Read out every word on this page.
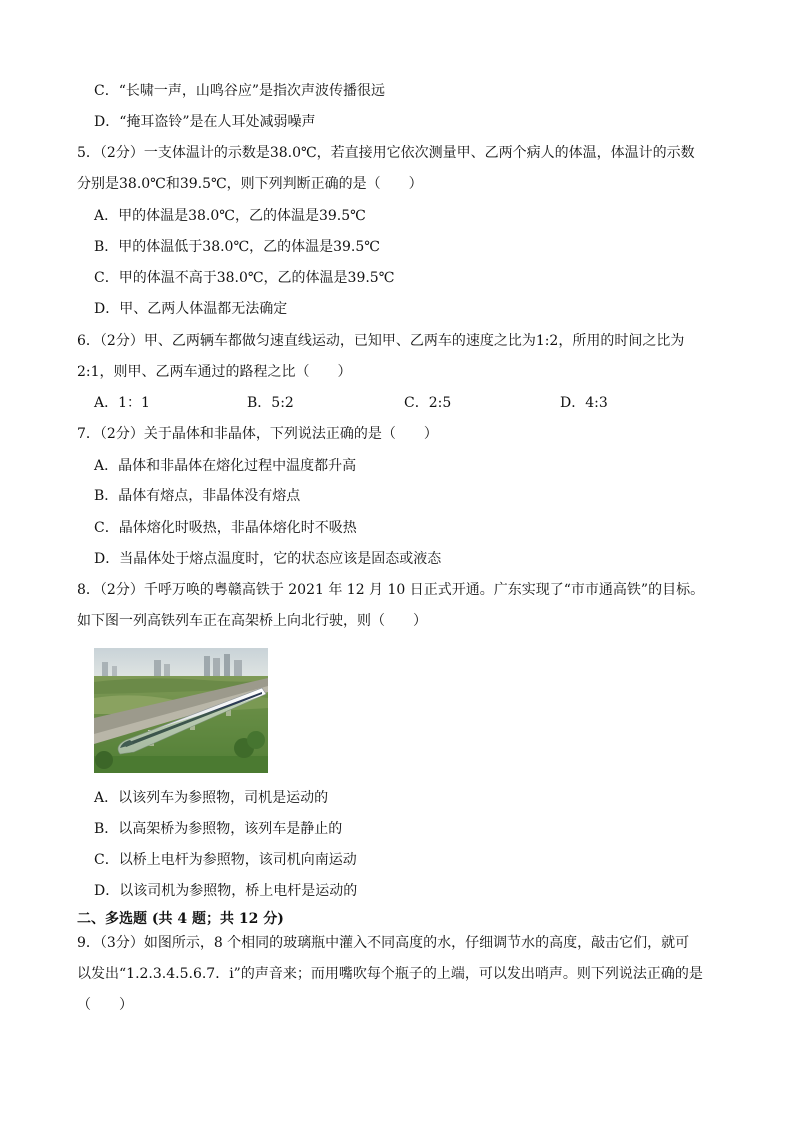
C．“长啸一声，山鸣谷应”是指次声波传播很远
D．“掩耳盗铃”是在人耳处减弱噪声
5．（2分）一支体温计的示数是38.0℃，若直接用它依次测量甲、乙两个病人的体温，体温计的示数
分别是38.0℃和39.5℃，则下列判断正确的是（　　）
A．甲的体温是38.0℃，乙的体温是39.5℃
B．甲的体温低于38.0℃，乙的体温是39.5℃
C．甲的体温不高于38.0℃，乙的体温是39.5℃
D．甲、乙两人体温都无法确定
6．（2分）甲、乙两辆车都做匀速直线运动，已知甲、乙两车的速度之比为1:2，所用的时间之比为
2:1，则甲、乙两车通过的路程之比（　　）
A．1：1	B．5:2	C．2:5	D．4:3
7．（2分）关于晶体和非晶体，下列说法正确的是（　　）
A．晶体和非晶体在熔化过程中温度都升高
B．晶体有熔点，非晶体没有熔点
C．晶体熔化时吸热，非晶体熔化时不吸热
D．当晶体处于熔点温度时，它的状态应该是固态或液态
8．（2分）千呼万唤的粤赣高铁于 2021 年 12 月 10 日正式开通。广东实现了“市市通高铁”的目标。
如下图一列高铁列车正在高架桥上向北行驶，则（　　）
A．以该列车为参照物，司机是运动的
B．以高架桥为参照物，该列车是静止的
C．以桥上电杆为参照物，该司机向南运动
D．以该司机为参照物，桥上电杆是运动的
二、多选题 (共 4 题；共 12 分)
9．（3分）如图所示，8 个相同的玻璃瓶中灌入不同高度的水，仔细调节水的高度，敲击它们，就可
以发出“1.2.3.4.5.6.7．i”的声音来；而用嘴吹每个瓶子的上端，可以发出哨声。则下列说法正确的是
（　　）
